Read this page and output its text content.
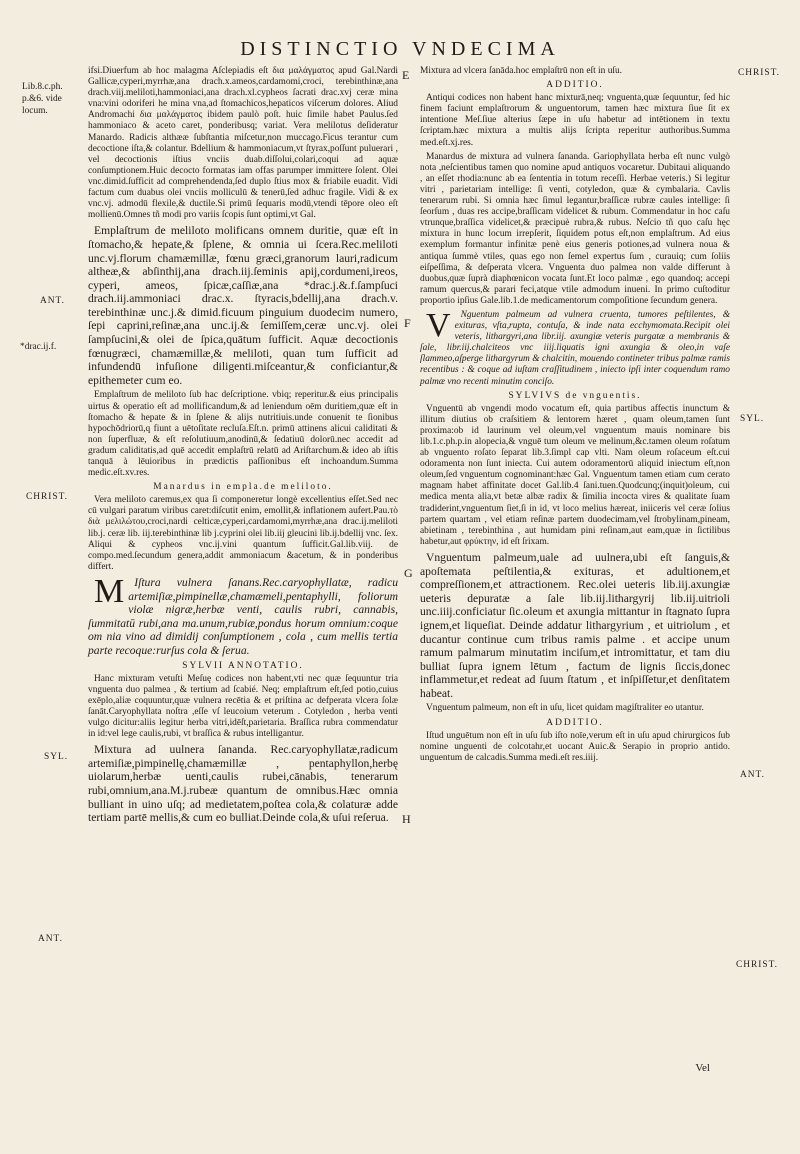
DISTINCTIO VNDECIMA
Lib.8.c.ph.
p.&6. vide
locum.
ANT.
*drac.ij.f.
CHRIST.
SYL.
ANT.
CHRIST.
SYL.
ANT.
CHRIST.
E
F
G
H

ifsi.Diuerfum ab hoc malagma Aſclepiadis eſt δια μαλάγματος apud Gal.Nardi Gallicæ,cyperi,myrrhæ,ana drach.x.ameos,cardamomi,croci, terebinthinæ,ana drach.viij.meliloti,hammoniaci,ana drach.xl.cypheos ſacrati drac.xvj ceræ mina vna:vini odoriferi he mina vna,ad ſtomachicos,hepaticos viſcerum dolores. Aliud Andromachi δια μαλάγματος ibidem paulò poſt. huic ſimile habet Paulus.ſed hammoniaco & aceto caret, ponderibusq; variat. Vera melilotus deſideratur Manardo. Radicis althææ ſubſtantia miſcetur,non muccago.Ficus terantur cum decoctione iſta,& colantur. Bdellium & hammoniacum,vt ſtyrax,poſſunt puluerari , vel decoctionis iſtius vnciis duab.diſſolui,colari,coqui ad aquæ conſumptionem.Huic decocto formatas iam offas parumper immittere ſolent. Olei vnc.dimid.ſufficit ad comprehendenda,ſed duplo ſtius mox & friabile euadit. Vidi factum cum duabus olei vnciis molliculū & tenerū,ſed adhuc fragile. Vidi & ex vnc.vj. admodū flexile,& ductile.Si primū ſequaris modū,vtendi tēpore oleo eſt mollienū.Omnes tñ modi pro variis ſcopis ſunt optimi,vt Gal.

Emplaſtrum de meliloto molificans omnem duritie, quæ eſt in ſtomacho,& hepate,& ſplene, & omnia ui ſcera.Rec.meliloti unc.vj.florum chamæmillæ, fœnu græci,granorum lauri,radicum altheæ,& abſinthij,ana drach.iij.ſeminis apij,cordumeni,ireos, cyperi, ameos, ſpicæ,caſſiæ,ana *drac.j.&.f.ſampſuci drach.iij.ammoniaci drac.x. ſtyracis,bdellij,ana drach.v. terebinthinæ unc.j.& dimid.ficuum pinguium duodecim numero, ſepi caprini,reſinæ,ana unc.ij.& ſemiſſem,ceræ unc.vj. olei ſampſucini,& olei de ſpica,quātum ſufficit. Aquæ decoctionis fœnugræci, chamæmillæ,& meliloti, quan tum ſufficit ad infundendū infuſione diligenti.miſceantur,& conficiantur,& epithemeter cum eo.

Emplaſtrum de meliloto ſub hac deſcriptione. vbiq; reperitur.& eius principalis uirtus & operatio eſt ad mollificandum,& ad leniendum oēm duritiem,quæ eſt in ſtomacho & hepate & in ſplene & alijs nutritiuis.unde conuenit te ſionibus hypochōdriorū,q fiunt a uētoſitate recluſa.Eſt.n. primū attinens alicui caliditati & non ſuperfluæ, & eſt reſolutiuum,anodinū,& ſedatiuū dolorū.nec accedit ad gradum caliditatis,ad quē accedit emplaſtrū relatū ad Ariſtarchum.& ideo ab iſtis tanquā à lēuioribus in prædictis paſſionibus eſt inchoandum.Summa medic.eſt.xv.res.

Manardus in empla.de meliloto.

Vera meliloto caremus,ex qua ſi componeretur longè excellentius eſſet.Sed nec cū vulgari paratum viribus caret:diſcutit enim, emollit,& inflationem aufert.Pau.τὸ διὰ μελιλώτου,croci,nardi celticæ,cyperi,cardamomi,myrrhæ,ana drac.ij.meliloti lib.j. ceræ lib. iij.terebinthinæ lib j.cyprini olei lib.iij gleucini lib.ij.bdellij vnc. ſex. Aliqui & cypheos vnc.ij.vini quantum ſufficit.Gal.lib.viij. de compo.med.ſecundum genera,addit ammoniacum &acetum, & in ponderibus differt.

M Iſtura vulnera ſanans.Rec.caryophyllatæ, radicu artemiſiæ,pimpinellæ,chamæmeli,pentaphylli, foliorum violæ nigræ,herbæ venti, caulis rubri, cannabis, ſummitatū rubi,ana ma.unum,rubiæ,pondus horum omnium:coque om nia vino ad dimidij conſumptionem , cola , cum mellis tertia parte recoque:rurſus cola & ſerua.

SYLVII ANNOTATIO.

Hanc mixturam vetuſti Meſuę codices non habent,vti nec quæ ſequuntur tria vnguenta duo palmea , & tertium ad ſcabié. Neq; emplaſtrum eſt,ſed potio,cuius exēplo,aliæ coquuntur,quæ vulnera recētia & et priſtina ac defperata vlcera ſolæ ſanāt.Caryophyllata noſtra ,eſſe vſ leucoium veterum . Cotyledon , herba venti vulgo dicitur:aliis legitur herba vitri,idēſt,parietaria. Braſſica rubra commendatur in id:vel lege caulis,rubi, vt braſſica & rubus intelligantur.

Mixtura ad uulnera ſananda. Rec.caryophyllatæ,radicum artemiſiæ,pimpinellę,chamæmillæ , pentaphyllon,herbę uiolarum,herbæ uenti,caulis rubei,cānabis, tenerarum rubi,omnium,ana.M.j.rubeæ quantum de omnibus.Hæc omnia bulliant in uino uſq; ad medietatem,poſtea cola,& colaturæ adde tertiam partē mellis,& cum eo bulliat.Deinde cola,& uſui reſerua.

Mixtura ad vlcera ſanāda.hoc emplaſtrū non eſt in uſu.

ADDITIO.

Antiqui codices non habent hanc mixturā,neq; vnguenta,quæ ſequuntur, ſed hic finem faciunt emplaſtrorum & unguentorum, tamen hæc mixtura ſiue ſit ex intentione Meſ.ſiue alterius ſæpe in uſu habetur ad intētionem in textu ſcriptam.hæc mixtura a multis alijs ſcripta reperitur authoribus.Summa med.eſt.xj.res.

Manardus de mixtura ad vulnera ſananda. Gariophyllata herba eſt nunc vulgò nota ,neſcientibus tamen quo nomine apud antiquos vocaretur. Dubitaui aliquando , an eſſet rhodia:nunc ab ea ſententia in totum receſſi. Herbae veteris.) Si legitur vitri , parietariam intellige: ſi venti, cotyledon, quæ & cymbalaria. Cavlis tenerarum rubi. Si omnia hæc ſimul legantur,braſſicæ rubræ caules intellige: ſi ſeorſum , duas res accipe,braſſicam videlicet & rubum. Commendatur in hoc caſu vtrunque,braſſica videlicet,& præcipuè rubra,& rubus. Neſcio tñ quo caſu hęc mixtura in hunc locum irrepſerit, ſiquidem potus eſt,non emplaſtrum. Ad eius exemplum formantur infinitæ penè eius generis potiones,ad vulnera noua & antiqua ſummè vtiles, quas ego non ſemel expertus ſum , curauiq; cum ſoliis eiſpeſſima, & deſperata vlcera. Vnguenta duo palmea non valde differunt à duobus,quæ ſuprà diaphœnicon vocata ſunt.Et loco palmæ , ego quandoq; accepi ramum quercus,& parari feci,atque vtile admodum inueni. In primo cuſtoditur proportio ipſius Gale.lib.1.de medicamentorum compoſitione ſecundum genera.

V Nguentum palmeum ad vulnera cruenta, tumores peſtilentes, & exituras, vſta,rupta, contuſa, & inde nata ecchymomata.Recipit olei veteris, lithargyri,ana libr.iij. axungiæ veteris purgatæ a membranis & ſale, libr.iij.chalciteos vnc iiij.liquatis igni axungia & oleo,in vaſe ſlammeo,aſperge lithargyrum & chalcitin, mouendo contineter tribus palmæ ramis recentibus : & coque ad iuſtam craſſitudinem , iniecto ipſi inter coquendum ramo palmæ vno recenti minutim conciſo.

SYLVIVS de vnguentis.

Vnguentū ab vngendi modo vocatum eſt, quia partibus affectis inunctum & illitum diutius ob craſsitiem & lentorem hæret , quam oleum,tamen ſunt proxima:ob id laurinum vel oleum,vel vnguentum mauis nominare bis lib.1.c.ph.p.in alopecia,& vnguē tum oleum ve melinum,&c.tamen oleum roſatum ab vnguento roſato ſeparat lib.3.ſimpl cap vlti. Nam oleum roſaceum eſt.cui odoramenta non ſunt iniecta. Cui autem odoramentorū aliquid iniectum eſt,non oleum,ſed vnguentum cognominant:hæc Gal. Vnguentum tamen etiam cum cerato magnam habet affinitate docet Gal.lib.4 ſani.tuen.Quodcunq;(inquit)oleum, cui medica menta alia,vt betæ albæ radix & ſimilia incocta vires & qualitate ſuam tradiderint,vnguentum ſiet,ſi in id, vt loco melius hæreat, iniiceris vel ceræ ſolius partem quartam , vel etiam reſinæ partem duodecimam,vel ſtrobylinam,pineam, abietinam , terebinthina , aut humidam pini reſinam,aut eam,quæ in ſictilibus habetur,aut φρύκτην, id eſt ſrixam.

Vnguentum palmeum,uale ad uulnera,ubi eſt ſanguis,& apoſtemata peſtilentia,& exituras, et adultionem,et compreſſionem,et attractionem. Rec.olei ueteris lib.iij.axungiæ ueteris depuratæ a ſale lib.iij.lithargyrij lib.iij.uitrioli unc.iiij.conficiatur ſic.oleum et axungia mittantur in ſtagnato ſupra ignem,et liqueſiat. Deinde addatur lithargyrium , et uitriolum , et ducantur continue cum tribus ramis palme . et accipe unum ramum palmarum minutatim inciſum,et intromittatur, et tam diu bulliat ſupra ignem lētum , factum de lignis ſiccis,donec inflammetur,et redeat ad ſuum ſtatum , et inſpiſſetur,et denſitatem habeat.

Vnguentum palmeum, non eſt in uſu, licet quidam magiſtraliter eo utantur.

ADDITIO.

Iſtud unguētum non eſt in uſu ſub iſto noīe,verum eſt in uſu apud chirurgicos ſub nomine unguenti de colcotahr,et uocant Auic.& Serapio in proprio antido. unguentum de calcadis.Summa medi.eſt res.iiij.

Vel
